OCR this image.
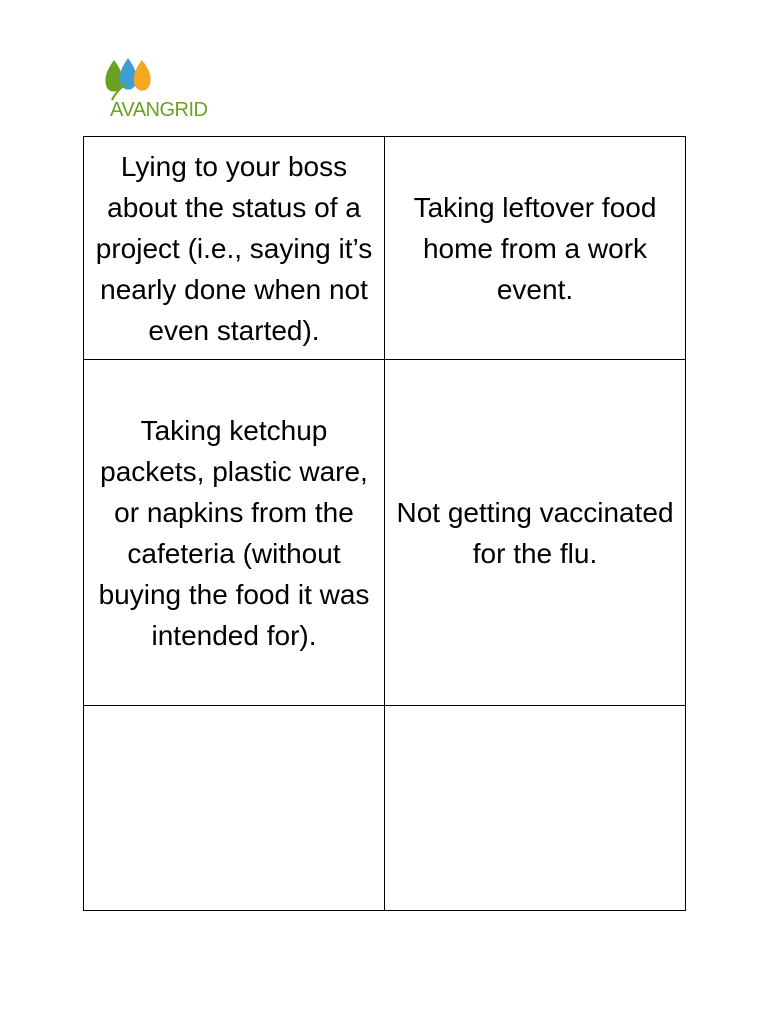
AVANGRID
Lying to your boss about the status of a project (i.e., saying it’s nearly done when not even started).	Taking leftover food home from a work event.
Taking ketchup packets, plastic ware, or napkins from the cafeteria (without buying the food it was intended for).	Not getting vaccinated for the flu.
